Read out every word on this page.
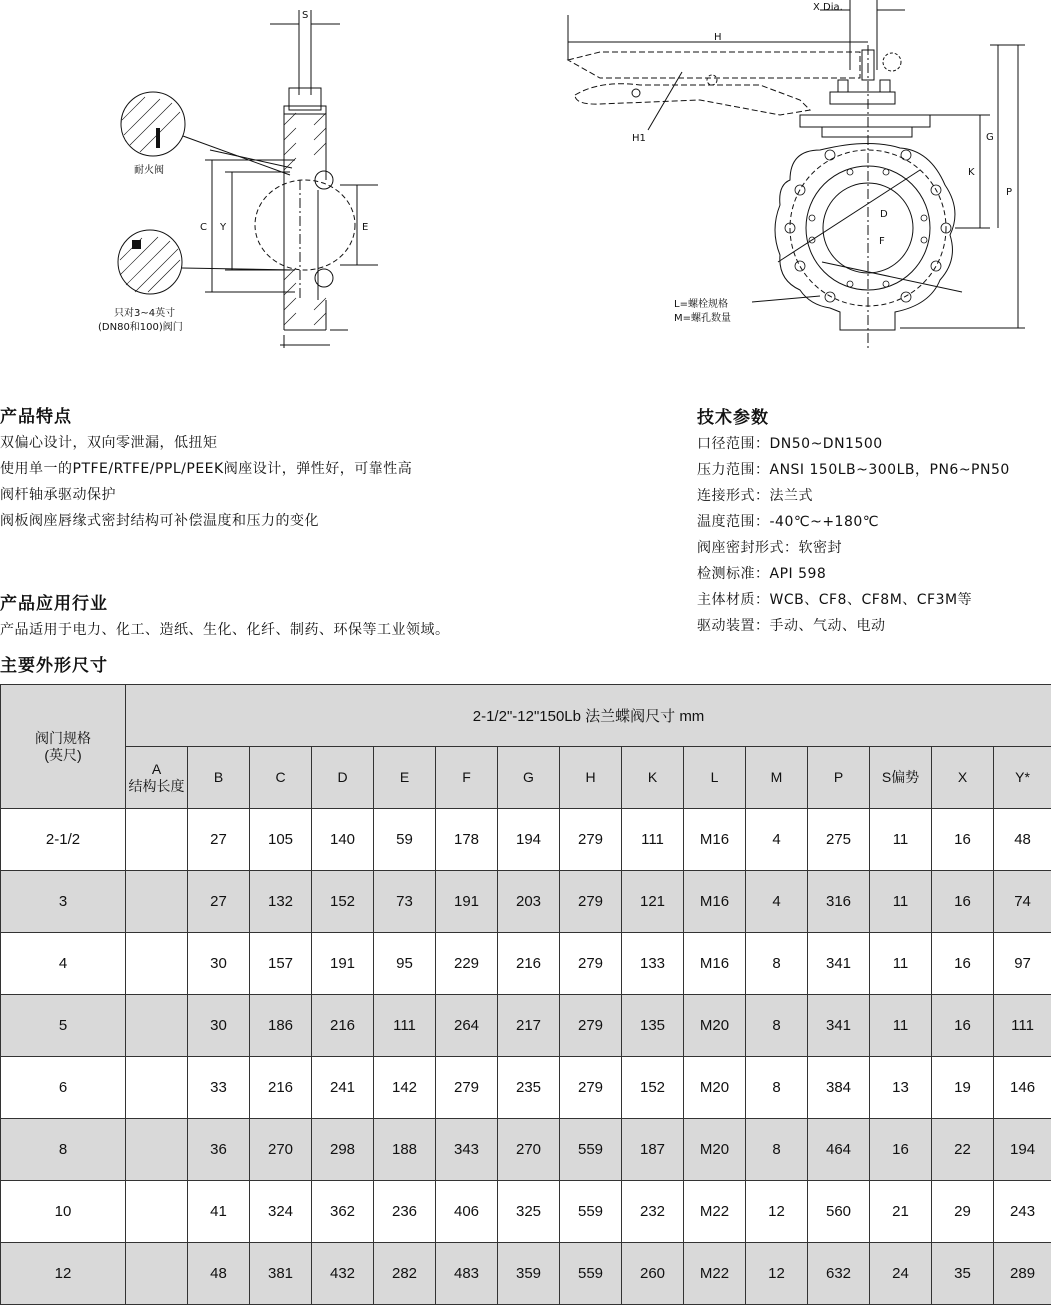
S
X Dia.
H
H1
C Y	E
G
K
P
D
F
耐火阀
只对3~4英寸
(DN80和100)阀门
L=螺栓规格
M=螺孔数量
产品特点
双偏心设计，双向零泄漏，低扭矩
使用单一的PTFE/RTFE/PPL/PEEK阀座设计，弹性好，可靠性高
阀杆轴承驱动保护
阀板阀座唇缘式密封结构可补偿温度和压力的变化
产品应用行业

产品适用于电力、化工、造纸、生化、化纤、制药、环保等工业领域。

技术参数
口径范围：DN50~DN1500
压力范围：ANSI 150LB~300LB，PN6~PN50
连接形式：法兰式
温度范围：-40℃~+180℃
阀座密封形式：软密封
检测标准：API 598
主体材质：WCB、CF8、CF8M、CF3M等
驱动装置：手动、气动、电动
主要外形尺寸
阀门规格
(英尺)	2-1/2"-12"150Lb 法兰蝶阀尺寸 mm														
	A
结构长度	B	C	D	E	F	G	H	K	L	M	P	S偏势	X	Y*
2-1/2		27	105	140	59	178	194	279	111	M16	4	275	11	16	48
3		27	132	152	73	191	203	279	121	M16	4	316	11	16	74
4		30	157	191	95	229	216	279	133	M16	8	341	11	16	97
5		30	186	216	111	264	217	279	135	M20	8	341	11	16	111
6		33	216	241	142	279	235	279	152	M20	8	384	13	19	146
8		36	270	298	188	343	270	559	187	M20	8	464	16	22	194
10		41	324	362	236	406	325	559	232	M22	12	560	21	29	243
12		48	381	432	282	483	359	559	260	M22	12	632	24	35	289
